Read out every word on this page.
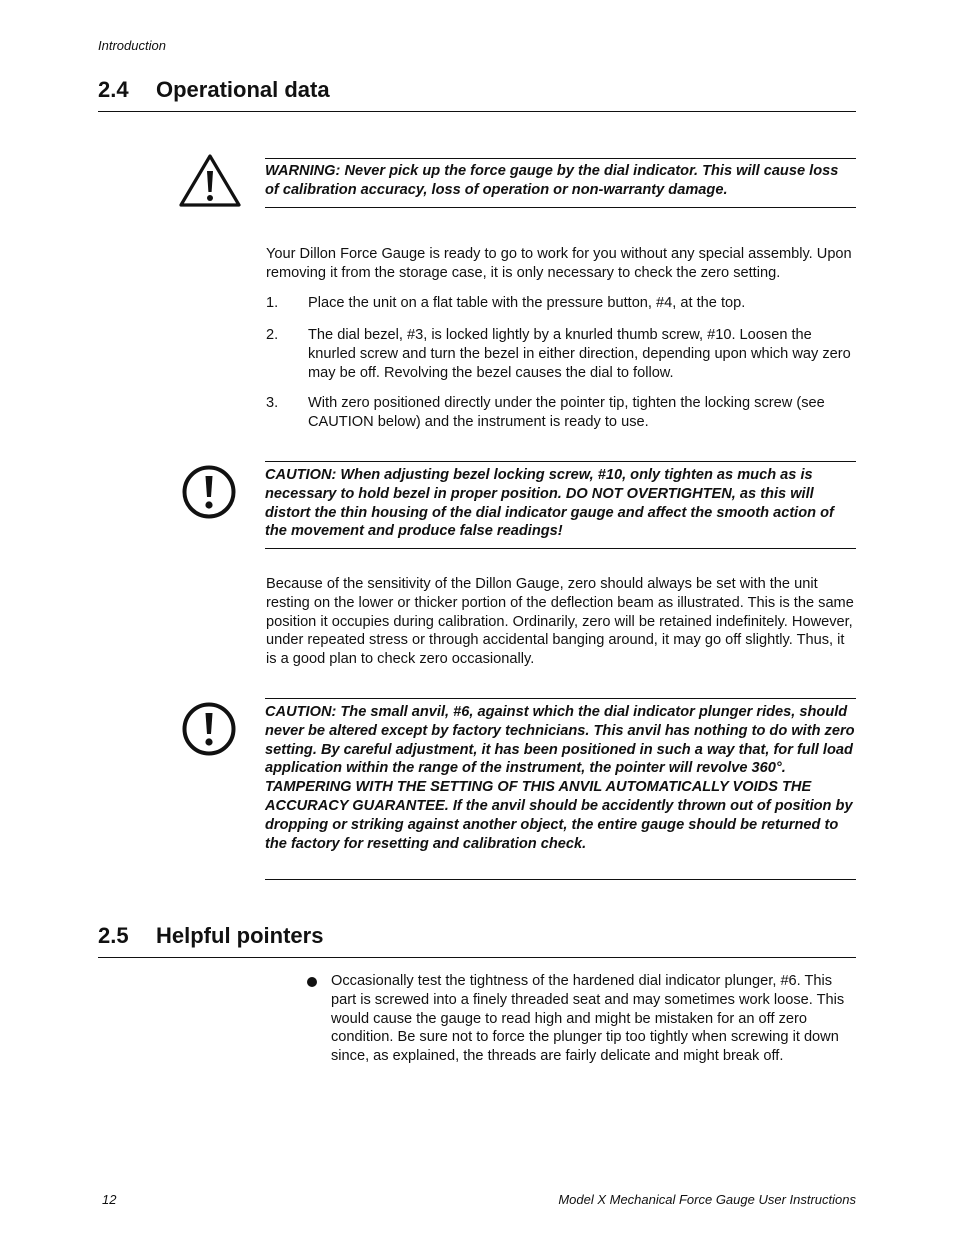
Introduction
2.4 Operational data
WARNING: Never pick up the force gauge by the dial indicator. This will cause loss of calibration accuracy, loss of operation or non-warranty damage.
Your Dillon Force Gauge is ready to go to work for you without any special assembly. Upon removing it from the storage case, it is only necessary to check the zero setting.
1. Place the unit on a flat table with the pressure button, #4, at the top.
2. The dial bezel, #3, is locked lightly by a knurled thumb screw, #10. Loosen the knurled screw and turn the bezel in either direction, depending upon which way zero may be off. Revolving the bezel causes the dial to follow.
3. With zero positioned directly under the pointer tip, tighten the locking screw (see CAUTION below) and the instrument is ready to use.
CAUTION: When adjusting bezel locking screw, #10, only tighten as much as is necessary to hold bezel in proper position. DO NOT OVERTIGHTEN, as this will distort the thin housing of the dial indicator gauge and affect the smooth action of the movement and produce false readings!
Because of the sensitivity of the Dillon Gauge, zero should always be set with the unit resting on the lower or thicker portion of the deflection beam as illustrated. This is the same position it occupies during calibration. Ordinarily, zero will be retained indefinitely. However, under repeated stress or through accidental banging around, it may go off slightly. Thus, it is a good plan to check zero occasionally.
CAUTION: The small anvil, #6, against which the dial indicator plunger rides, should never be altered except by factory technicians. This anvil has nothing to do with zero setting. By careful adjustment, it has been positioned in such a way that, for full load application within the range of the instrument, the pointer will revolve 360°. TAMPERING WITH THE SETTING OF THIS ANVIL AUTOMATICALLY VOIDS THE ACCURACY GUARANTEE. If the anvil should be accidently thrown out of position by dropping or striking against another object, the entire gauge should be returned to the factory for resetting and calibration check.
2.5 Helpful pointers
Occasionally test the tightness of the hardened dial indicator plunger, #6. This part is screwed into a finely threaded seat and may sometimes work loose. This would cause the gauge to read high and might be mistaken for an off zero condition. Be sure not to force the plunger tip too tightly when screwing it down since, as explained, the threads are fairly delicate and might break off.
12	Model X Mechanical Force Gauge User Instructions
